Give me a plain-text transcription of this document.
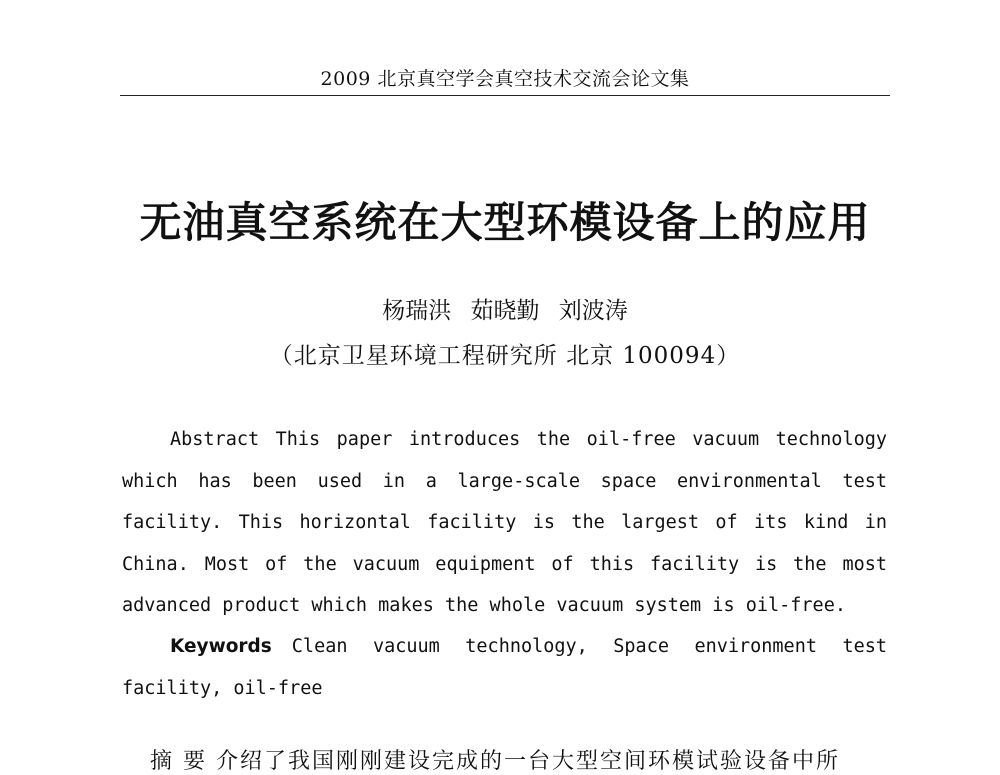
2009 北京真空学会真空技术交流会论文集
无油真空系统在大型环模设备上的应用
杨瑞洪 茹晓勤 刘波涛
（北京卫星环境工程研究所 北京 100094）

Abstract This paper introduces the oil-free vacuum technology which has been used in a large-scale space environmental test facility. This horizontal facility is the largest of its kind in China. Most of the vacuum equipment of this facility is the most advanced product which makes the whole vacuum system is oil-free.

Keywords Clean vacuum technology, Space environment test facility, oil-free

摘 要 介绍了我国刚刚建设完成的一台大型空间环模试验设备中所
